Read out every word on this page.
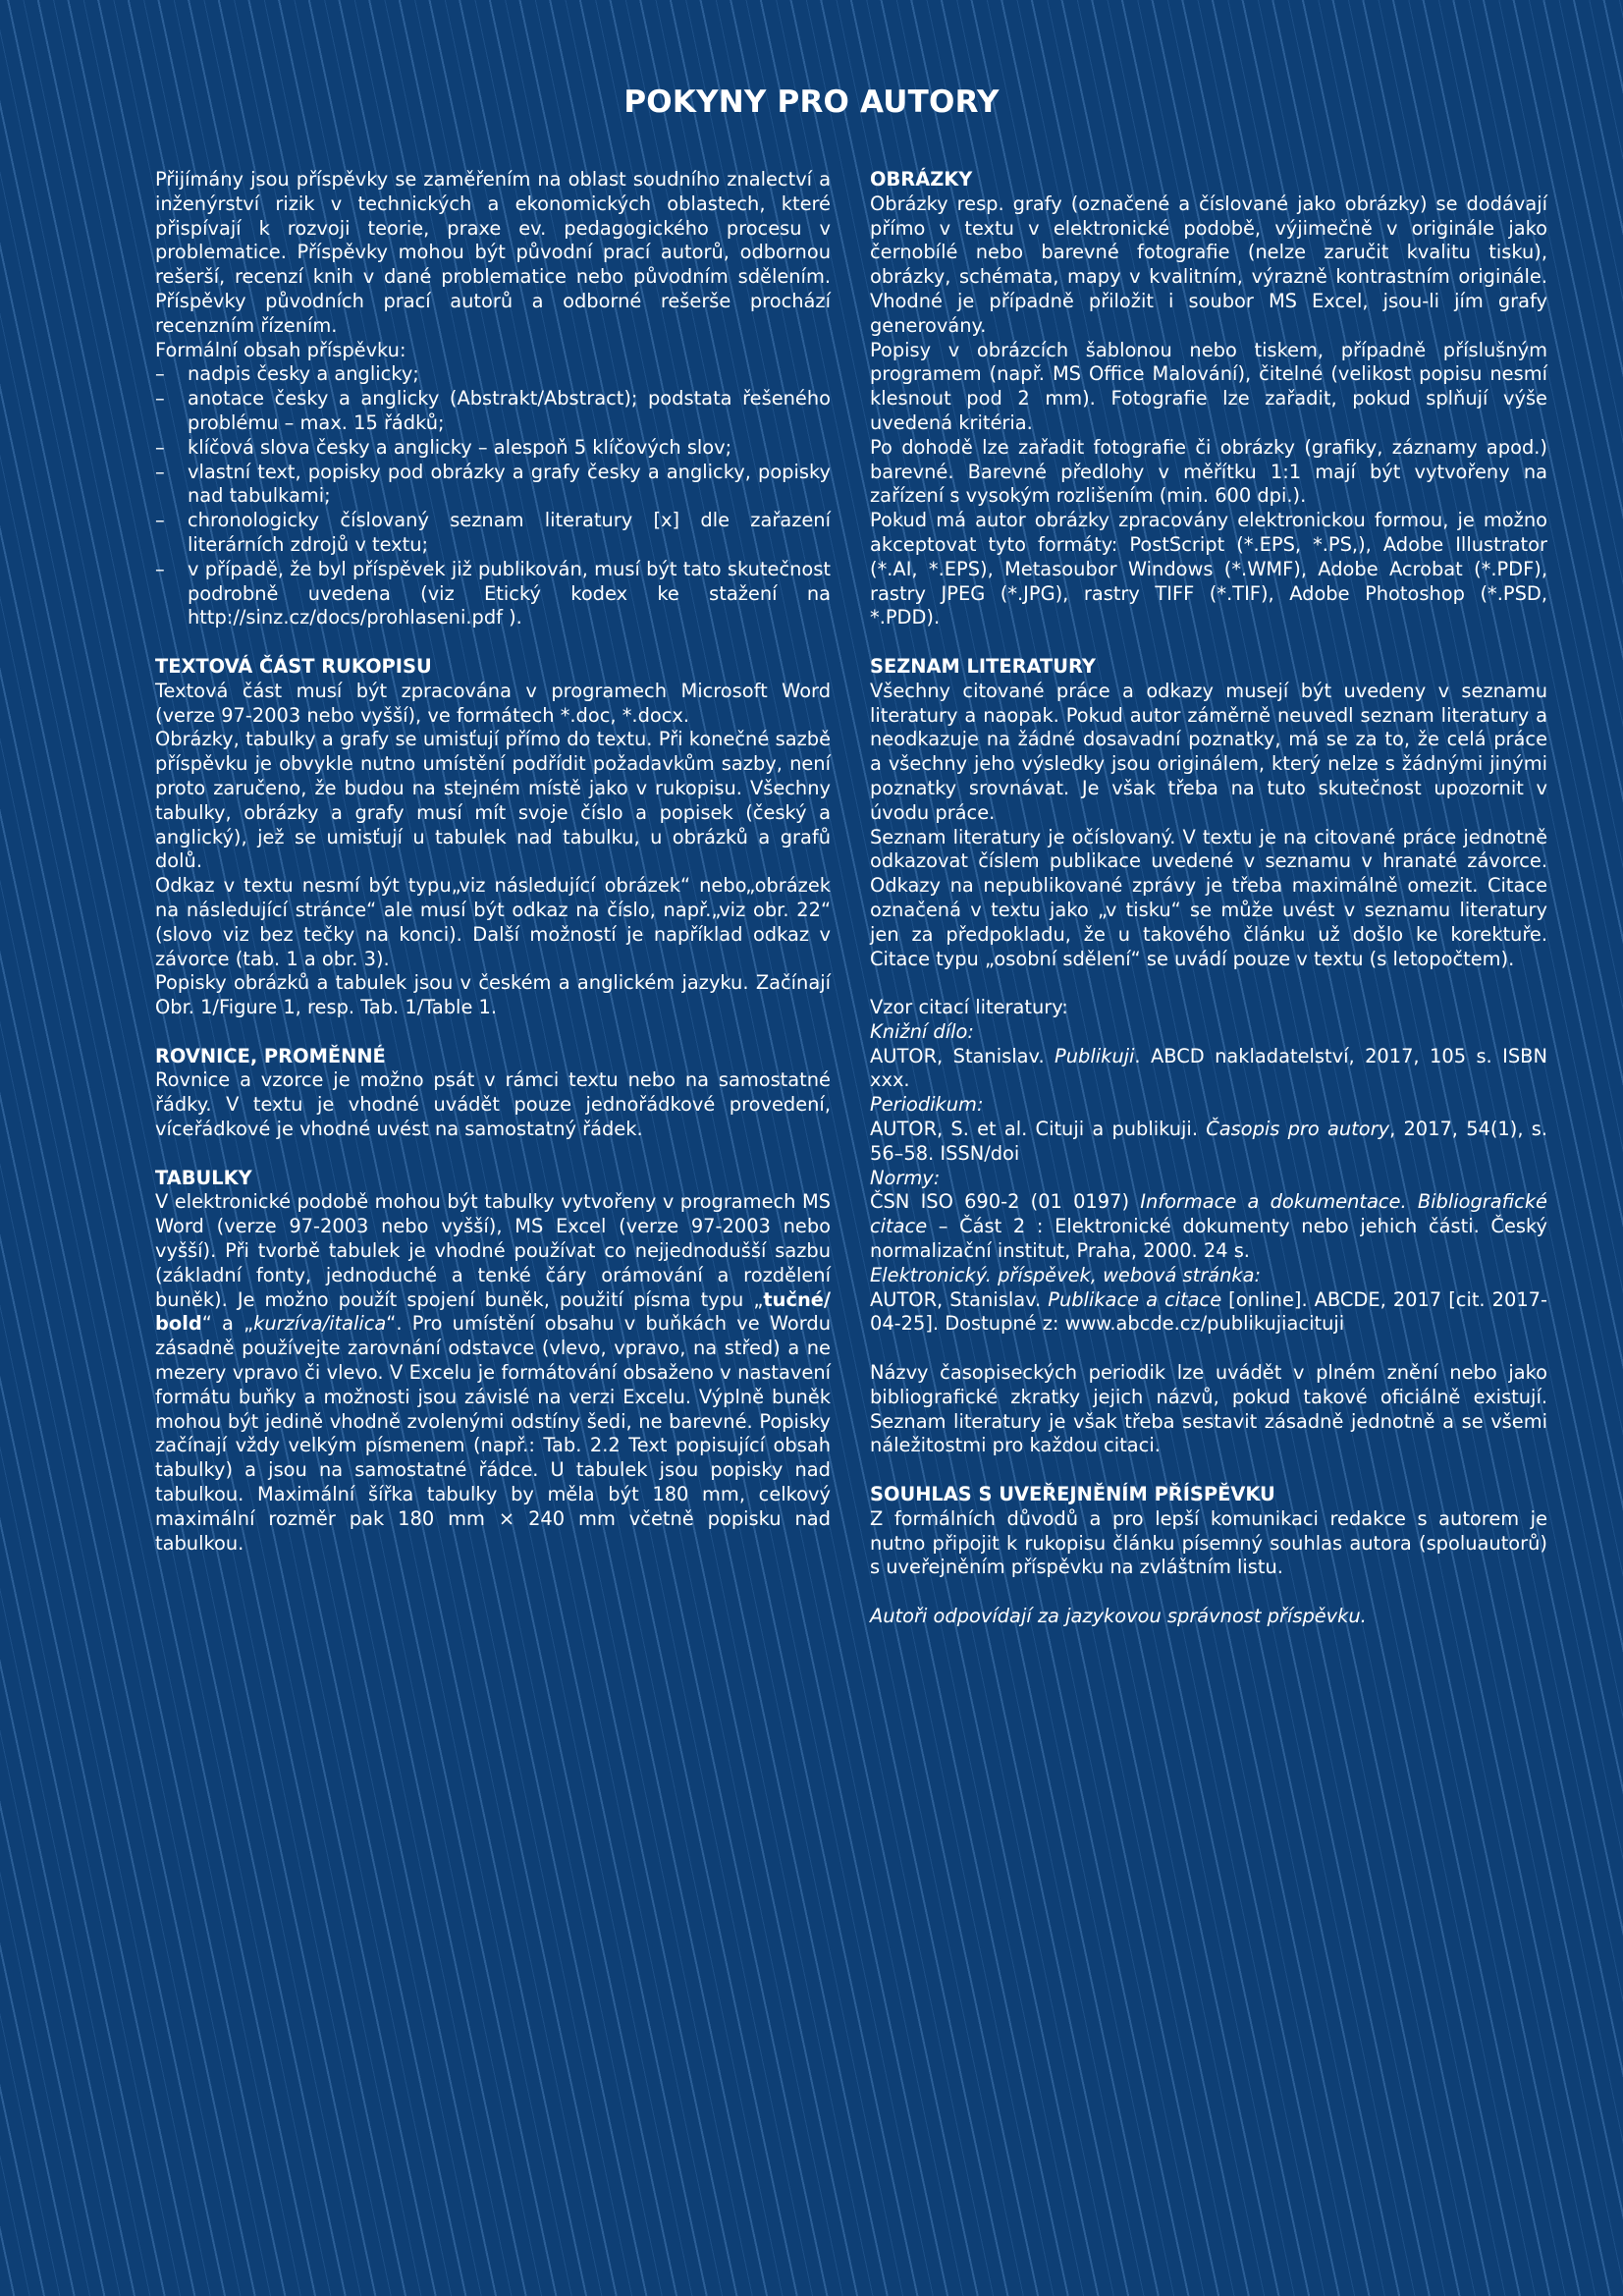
POKYNY PRO AUTORY

Přijímány jsou příspěvky se zaměřením na oblast soudního znalectví a inženýrství rizik v technických a ekonomických oblastech, které přispívají k rozvoji teorie, praxe ev. pedagogického procesu v problematice. Příspěvky mohou být původní prací autorů, odbornou rešerší, recenzí knih v dané problematice nebo původním sdělením. Příspěvky původních prací autorů a odborné rešerše prochází recenzním řízením.

Formální obsah příspěvku:

– nadpis česky a anglicky;
– anotace česky a anglicky (Abstrakt/Abstract); podstata řešeného problému – max. 15 řádků;
– klíčová slova česky a anglicky – alespoň 5 klíčových slov;
– vlastní text, popisky pod obrázky a grafy česky a anglicky, popisky nad tabulkami;
– chronologicky číslovaný seznam literatury [x] dle zařazení literárních zdrojů v textu;
– v případě, že byl příspěvek již publikován, musí být tato skutečnost podrobně uvedena (viz Etický kodex ke stažení na http://sinz.cz/docs/prohlaseni.pdf ).
TEXTOVÁ ČÁST RUKOPISU

Textová část musí být zpracována v programech Microsoft Word (verze 97-2003 nebo vyšší), ve formátech *.doc, *.docx.

Obrázky, tabulky a grafy se umisťují přímo do textu. Při konečné sazbě příspěvku je obvykle nutno umístění podřídit požadavkům sazby, není proto zaručeno, že budou na stejném místě jako v rukopisu. Všechny tabulky, obrázky a grafy musí mít svoje číslo a popisek (český a anglický), jež se umisťují u tabulek nad tabulku, u obrázků a grafů dolů.

Odkaz v textu nesmí být typu„viz následující obrázek“ nebo„obrázek na následující stránce“ ale musí být odkaz na číslo, např.„viz obr. 22“ (slovo viz bez tečky na konci). Další možností je například odkaz v závorce (tab. 1 a obr. 3).

Popisky obrázků a tabulek jsou v českém a anglickém jazyku. Začínají Obr. 1/Figure 1, resp. Tab. 1/Table 1.

ROVNICE, PROMĚNNÉ

Rovnice a vzorce je možno psát v rámci textu nebo na samostatné řádky. V textu je vhodné uvádět pouze jednořádkové provedení, víceřádkové je vhodné uvést na samostatný řádek.

TABULKY

V elektronické podobě mohou být tabulky vytvořeny v programech MS Word (verze 97-2003 nebo vyšší), MS Excel (verze 97-2003 nebo vyšší). Při tvorbě tabulek je vhodné používat co nejjednodušší sazbu (základní fonty, jednoduché a tenké čáry orámování a rozdělení buněk). Je možno použít spojení buněk, použití písma typu „tučné/ bold“ a „kurzíva/italica“. Pro umístění obsahu v buňkách ve Wordu zásadně používejte zarovnání odstavce (vlevo, vpravo, na střed) a ne mezery vpravo či vlevo. V Excelu je formátování obsaženo v nastavení formátu buňky a možnosti jsou závislé na verzi Excelu. Výplně buněk mohou být jedině vhodně zvolenými odstíny šedi, ne barevné. Popisky začínají vždy velkým písmenem (např.: Tab. 2.2 Text popisující obsah tabulky) a jsou na samostatné řádce. U tabulek jsou popisky nad tabulkou. Maximální šířka tabulky by měla být 180 mm, celkový maximální rozměr pak 180 mm × 240 mm včetně popisku nad tabulkou.

OBRÁZKY

Obrázky resp. grafy (označené a číslované jako obrázky) se dodávají přímo v textu v elektronické podobě, výjimečně v originále jako černobílé nebo barevné fotografie (nelze zaručit kvalitu tisku), obrázky, schémata, mapy v kvalitním, výrazně kontrastním originále. Vhodné je případně přiložit i soubor MS Excel, jsou-li jím grafy generovány.

Popisy v obrázcích šablonou nebo tiskem, případně příslušným programem (např. MS Office Malování), čitelné (velikost popisu nesmí klesnout pod 2 mm). Fotografie lze zařadit, pokud splňují výše uvedená kritéria.

Po dohodě lze zařadit fotografie či obrázky (grafiky, záznamy apod.) barevné. Barevné předlohy v měřítku 1:1 mají být vytvořeny na zařízení s vysokým rozlišením (min. 600 dpi.).

Pokud má autor obrázky zpracovány elektronickou formou, je možno akceptovat tyto formáty: PostScript (*.EPS, *.PS,), Adobe Illustrator (*.AI, *.EPS), Metasoubor Windows (*.WMF), Adobe Acrobat (*.PDF), rastry JPEG (*.JPG), rastry TIFF (*.TIF), Adobe Photoshop (*.PSD, *.PDD).

SEZNAM LITERATURY

Všechny citované práce a odkazy musejí být uvedeny v seznamu literatury a naopak. Pokud autor záměrně neuvedl seznam literatury a neodkazuje na žádné dosavadní poznatky, má se za to, že celá práce a všechny jeho výsledky jsou originálem, který nelze s žádnými jinými poznatky srovnávat. Je však třeba na tuto skutečnost upozornit v úvodu práce.

Seznam literatury je očíslovaný. V textu je na citované práce jednotně odkazovat číslem publikace uvedené v seznamu v hranaté závorce. Odkazy na nepublikované zprávy je třeba maximálně omezit. Citace označená v textu jako „v tisku“ se může uvést v seznamu literatury jen za předpokladu, že u takového článku už došlo ke korektuře. Citace typu „osobní sdělení“ se uvádí pouze v textu (s letopočtem).

Vzor citací literatury:

Knižní dílo:

AUTOR, Stanislav. Publikuji. ABCD nakladatelství, 2017, 105 s. ISBN xxx.

Periodikum:

AUTOR, S. et al. Cituji a publikuji. Časopis pro autory, 2017, 54(1), s. 56–58. ISSN/doi

Normy:

ČSN ISO 690-2 (01 0197) Informace a dokumentace. Bibliografické citace – Část 2 : Elektronické dokumenty nebo jehich části. Český normalizační institut, Praha, 2000. 24 s.

Elektronický. příspěvek, webová stránka:

AUTOR, Stanislav. Publikace a citace [online]. ABCDE, 2017 [cit. 2017-04-25]. Dostupné z: www.abcde.cz/publikujiacituji

Názvy časopiseckých periodik lze uvádět v plném znění nebo jako bibliografické zkratky jejich názvů, pokud takové oficiálně existují. Seznam literatury je však třeba sestavit zásadně jednotně a se všemi náležitostmi pro každou citaci.

SOUHLAS S UVEŘEJNĚNÍM PŘÍSPĚVKU

Z formálních důvodů a pro lepší komunikaci redakce s autorem je nutno připojit k rukopisu článku písemný souhlas autora (spoluautorů) s uveřejněním příspěvku na zvláštním listu.

Autoři odpovídají za jazykovou správnost příspěvku.
